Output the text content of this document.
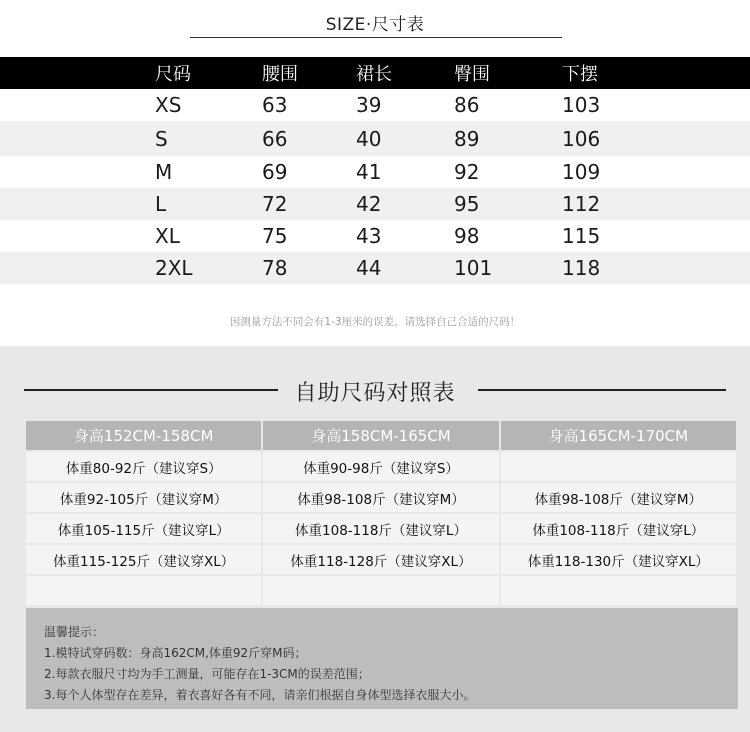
SIZE·尺寸表
尺码	腰围	裙长	臀围	下摆
XS	63	39	86	103
S	66	40	89	106
M	69	41	92	109
L	72	42	95	112
XL	75	43	98	115
2XL	78	44	101	118
因测量方法不同会有1-3厘米的误差，请选择自己合适的尺码！
自助尺码对照表
身高152CM-158CM	身高158CM-165CM	身高165CM-170CM
体重80-92斤（建议穿S）	体重90-98斤（建议穿S）
体重92-105斤（建议穿M）	体重98-108斤（建议穿M）	体重98-108斤（建议穿M）
体重105-115斤（建议穿L）	体重108-118斤（建议穿L）	体重108-118斤（建议穿L）
体重115-125斤（建议穿XL）	体重118-128斤（建议穿XL）	体重118-130斤（建议穿XL）
温馨提示：
1.模特试穿码数：身高162CM,体重92斤穿M码；
2.每款衣服尺寸均为手工测量，可能存在1-3CM的误差范围；
3.每个人体型存在差异，着衣喜好各有不同，请亲们根据自身体型选择衣服大小。
